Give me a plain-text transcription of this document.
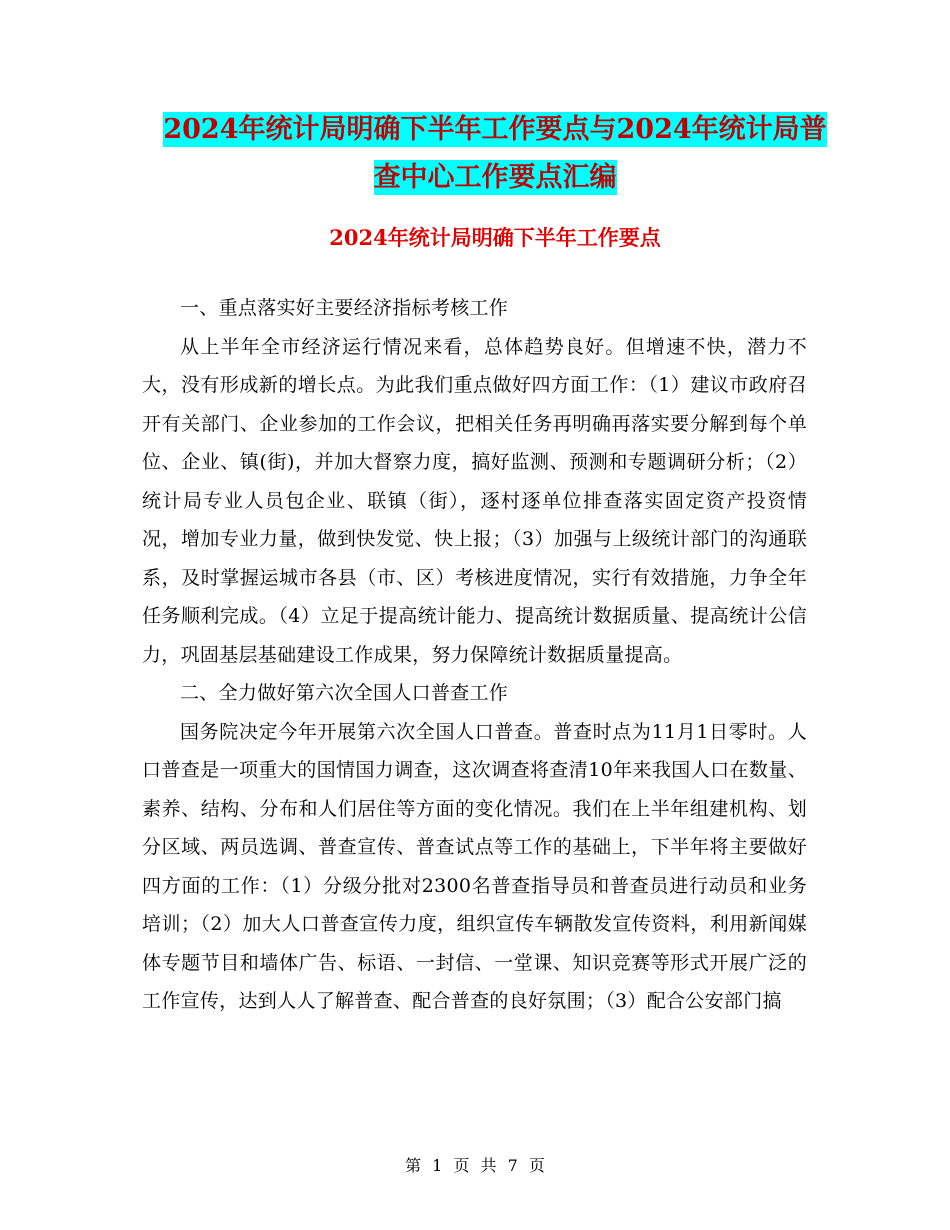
2024年统计局明确下半年工作要点与2024年统计局普
查中心工作要点汇编
2024年统计局明确下半年工作要点

一、重点落实好主要经济指标考核工作

从上半年全市经济运行情况来看，总体趋势良好。但增速不快，潜力不大，没有形成新的增长点。为此我们重点做好四方面工作：（1）建议市政府召开有关部门、企业参加的工作会议，把相关任务再明确再落实要分解到每个单位、企业、镇(街)，并加大督察力度，搞好监测、预测和专题调研分析；（2）统计局专业人员包企业、联镇（街），逐村逐单位排查落实固定资产投资情况，增加专业力量，做到快发觉、快上报；（3）加强与上级统计部门的沟通联系，及时掌握运城市各县（市、区）考核进度情况，实行有效措施，力争全年任务顺利完成。（4）立足于提高统计能力、提高统计数据质量、提高统计公信力，巩固基层基础建设工作成果，努力保障统计数据质量提高。

二、全力做好第六次全国人口普查工作

国务院决定今年开展第六次全国人口普查。普查时点为11月1日零时。人口普查是一项重大的国情国力调查，这次调查将查清10年来我国人口在数量、素养、结构、分布和人们居住等方面的变化情况。我们在上半年组建机构、划分区域、两员选调、普查宣传、普查试点等工作的基础上，下半年将主要做好四方面的工作：（1）分级分批对2300名普查指导员和普查员进行动员和业务培训；（2）加大人口普查宣传力度，组织宣传车辆散发宣传资料，利用新闻媒体专题节目和墙体广告、标语、一封信、一堂课、知识竞赛等形式开展广泛的工作宣传，达到人人了解普查、配合普查的良好氛围；（3）配合公安部门搞

第 1 页 共 7 页
